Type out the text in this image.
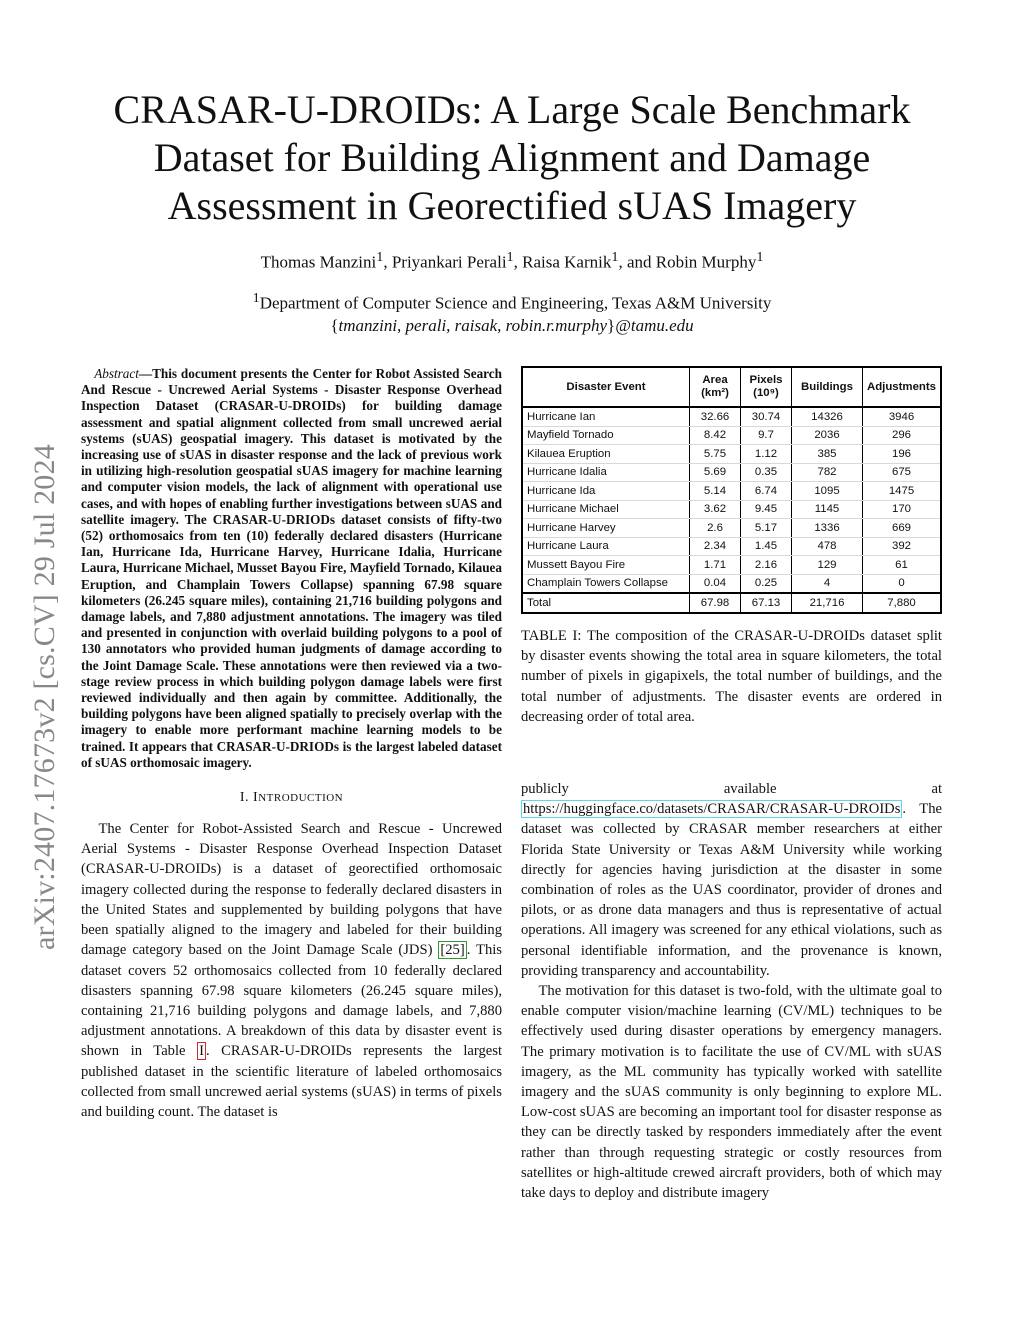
arXiv:2407.17673v2 [cs.CV] 29 Jul 2024
CRASAR-U-DROIDs: A Large Scale Benchmark
Dataset for Building Alignment and Damage
Assessment in Georectified sUAS Imagery
Thomas Manzini$^1$, Priyankari Perali$^1$, Raisa Karnik$^1$, and Robin Murphy$^1$
$^1$Department of Computer Science and Engineering, Texas A&M University
{tmanzini, perali, raisak, robin.r.murphy}@tamu.edu

Abstract—This document presents the Center for Robot Assisted Search And Rescue - Uncrewed Aerial Systems - Disaster Response Overhead Inspection Dataset (CRASAR-U-DROIDs) for building damage assessment and spatial alignment collected from small uncrewed aerial systems (sUAS) geospatial imagery. This dataset is motivated by the increasing use of sUAS in disaster response and the lack of previous work in utilizing high-resolution geospatial sUAS imagery for machine learning and computer vision models, the lack of alignment with operational use cases, and with hopes of enabling further investigations between sUAS and satellite imagery. The CRASAR-U-DRIODs dataset consists of fifty-two (52) orthomosaics from ten (10) federally declared disasters (Hurricane Ian, Hurricane Ida, Hurricane Harvey, Hurricane Idalia, Hurricane Laura, Hurricane Michael, Musset Bayou Fire, Mayfield Tornado, Kilauea Eruption, and Champlain Towers Collapse) spanning 67.98 square kilometers (26.245 square miles), containing 21,716 building polygons and damage labels, and 7,880 adjustment annotations. The imagery was tiled and presented in conjunction with overlaid building polygons to a pool of 130 annotators who provided human judgments of damage according to the Joint Damage Scale. These annotations were then reviewed via a two-stage review process in which building polygon damage labels were first reviewed individually and then again by committee. Additionally, the building polygons have been aligned spatially to precisely overlap with the imagery to enable more performant machine learning models to be trained. It appears that CRASAR-U-DRIODs is the largest labeled dataset of sUAS orthomosaic imagery.

I. INTRODUCTION

The Center for Robot-Assisted Search and Rescue - Uncrewed Aerial Systems - Disaster Response Overhead Inspection Dataset (CRASAR-U-DROIDs) is a dataset of georectified orthomosaic imagery collected during the response to federally declared disasters in the United States and supplemented by building polygons that have been spatially aligned to the imagery and labeled for their building damage category based on the Joint Damage Scale (JDS) [25] . This dataset covers 52 orthomosaics collected from 10 federally declared disasters spanning 67.98 square kilometers (26.245 square miles), containing 21,716 building polygons and damage labels, and 7,880 adjustment annotations. A breakdown of this data by disaster event is shown in Table I . CRASAR-U-DROIDs represents the largest published dataset in the scientific literature of labeled orthomosaics collected from small uncrewed aerial systems (sUAS) in terms of pixels and building count. The dataset is

Disaster Event	Area (km²)	Pixels (10⁹)	Buildings	Adjustments
Hurricane Ian	32.66	30.74	14326	3946
Mayfield Tornado	8.42	9.7	2036	296
Kilauea Eruption	5.75	1.12	385	196
Hurricane Idalia	5.69	0.35	782	675
Hurricane Ida	5.14	6.74	1095	1475
Hurricane Michael	3.62	9.45	1145	170
Hurricane Harvey	2.6	5.17	1336	669
Hurricane Laura	2.34	1.45	478	392
Mussett Bayou Fire	1.71	2.16	129	61
Champlain Towers Collapse	0.04	0.25	4	0
Total	67.98	67.13	21,716	7,880

TABLE I: The composition of the CRASAR-U-DROIDs dataset split by disaster events showing the total area in square kilometers, the total number of pixels in gigapixels, the total number of buildings, and the total number of adjustments. The disaster events are ordered in decreasing order of total area.

publicly available at https://huggingface.co/datasets/CRASAR/CRASAR-U-DROIDs . The dataset was collected by CRASAR member researchers at either Florida State University or Texas A&M University while working directly for agencies having jurisdiction at the disaster in some combination of roles as the UAS coordinator, provider of drones and pilots, or as drone data managers and thus is representative of actual operations. All imagery was screened for any ethical violations, such as personal identifiable information, and the provenance is known, providing transparency and accountability.

The motivation for this dataset is two-fold, with the ultimate goal to enable computer vision/machine learning (CV/ML) techniques to be effectively used during disaster operations by emergency managers. The primary motivation is to facilitate the use of CV/ML with sUAS imagery, as the ML community has typically worked with satellite imagery and the sUAS community is only beginning to explore ML. Low-cost sUAS are becoming an important tool for disaster response as they can be directly tasked by responders immediately after the event rather than through requesting strategic or costly resources from satellites or high-altitude crewed aircraft providers, both of which may take days to deploy and distribute imagery
